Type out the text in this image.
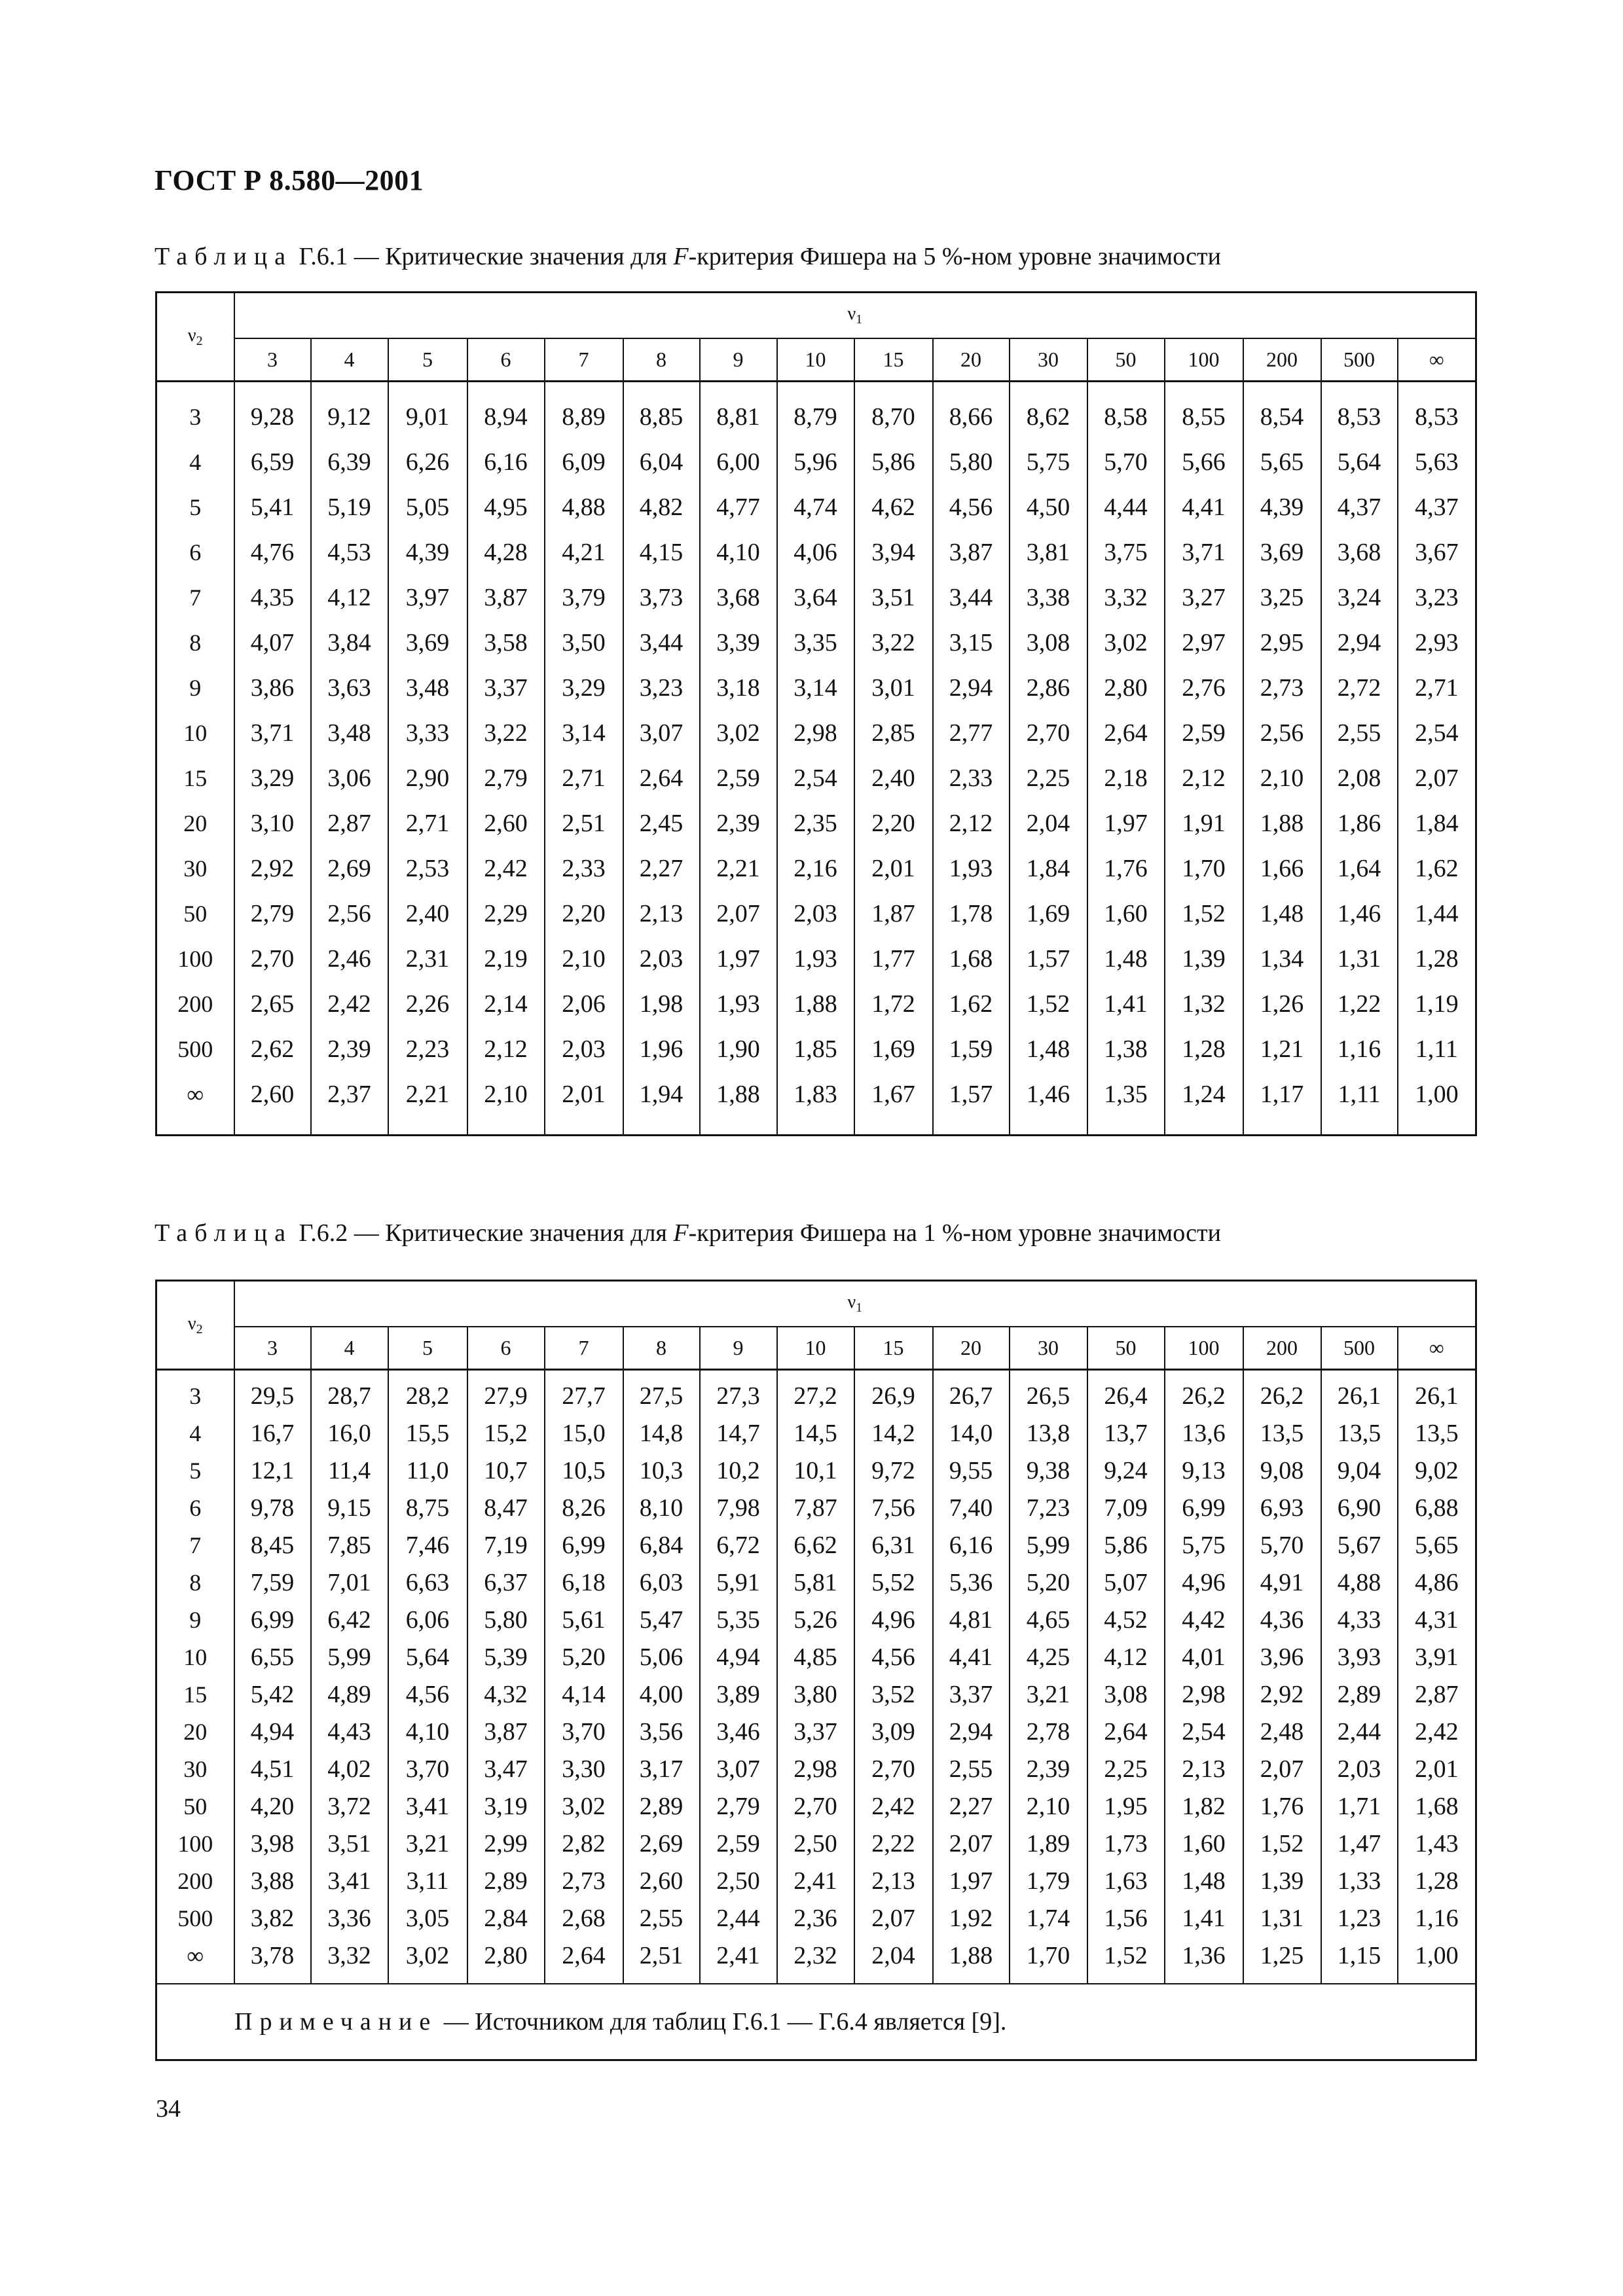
ГОСТ Р 8.580—2001
Таблица Г.6.1 — Критические значения для F-критерия Фишера на 5 %-ном уровне значимости
$\nu_2$	$\nu_1$
	3	4	5	6	7	8	9	10	15	20	30	50	100	200	500	∞

3	9,28	9,12	9,01	8,94	8,89	8,85	8,81	8,79	8,70	8,66	8,62	8,58	8,55	8,54	8,53	8,53
4	6,59	6,39	6,26	6,16	6,09	6,04	6,00	5,96	5,86	5,80	5,75	5,70	5,66	5,65	5,64	5,63
5	5,41	5,19	5,05	4,95	4,88	4,82	4,77	4,74	4,62	4,56	4,50	4,44	4,41	4,39	4,37	4,37
6	4,76	4,53	4,39	4,28	4,21	4,15	4,10	4,06	3,94	3,87	3,81	3,75	3,71	3,69	3,68	3,67
7	4,35	4,12	3,97	3,87	3,79	3,73	3,68	3,64	3,51	3,44	3,38	3,32	3,27	3,25	3,24	3,23
8	4,07	3,84	3,69	3,58	3,50	3,44	3,39	3,35	3,22	3,15	3,08	3,02	2,97	2,95	2,94	2,93
9	3,86	3,63	3,48	3,37	3,29	3,23	3,18	3,14	3,01	2,94	2,86	2,80	2,76	2,73	2,72	2,71
10	3,71	3,48	3,33	3,22	3,14	3,07	3,02	2,98	2,85	2,77	2,70	2,64	2,59	2,56	2,55	2,54
15	3,29	3,06	2,90	2,79	2,71	2,64	2,59	2,54	2,40	2,33	2,25	2,18	2,12	2,10	2,08	2,07
20	3,10	2,87	2,71	2,60	2,51	2,45	2,39	2,35	2,20	2,12	2,04	1,97	1,91	1,88	1,86	1,84
30	2,92	2,69	2,53	2,42	2,33	2,27	2,21	2,16	2,01	1,93	1,84	1,76	1,70	1,66	1,64	1,62
50	2,79	2,56	2,40	2,29	2,20	2,13	2,07	2,03	1,87	1,78	1,69	1,60	1,52	1,48	1,46	1,44
100	2,70	2,46	2,31	2,19	2,10	2,03	1,97	1,93	1,77	1,68	1,57	1,48	1,39	1,34	1,31	1,28
200	2,65	2,42	2,26	2,14	2,06	1,98	1,93	1,88	1,72	1,62	1,52	1,41	1,32	1,26	1,22	1,19
500	2,62	2,39	2,23	2,12	2,03	1,96	1,90	1,85	1,69	1,59	1,48	1,38	1,28	1,21	1,16	1,11
∞	2,60	2,37	2,21	2,10	2,01	1,94	1,88	1,83	1,67	1,57	1,46	1,35	1,24	1,17	1,11	1,00

Таблица Г.6.2 — Критические значения для F-критерия Фишера на 1 %-ном уровне значимости
$\nu_2$	$\nu_1$
	3	4	5	6	7	8	9	10	15	20	30	50	100	200	500	∞

3	29,5	28,7	28,2	27,9	27,7	27,5	27,3	27,2	26,9	26,7	26,5	26,4	26,2	26,2	26,1	26,1
4	16,7	16,0	15,5	15,2	15,0	14,8	14,7	14,5	14,2	14,0	13,8	13,7	13,6	13,5	13,5	13,5
5	12,1	11,4	11,0	10,7	10,5	10,3	10,2	10,1	9,72	9,55	9,38	9,24	9,13	9,08	9,04	9,02
6	9,78	9,15	8,75	8,47	8,26	8,10	7,98	7,87	7,56	7,40	7,23	7,09	6,99	6,93	6,90	6,88
7	8,45	7,85	7,46	7,19	6,99	6,84	6,72	6,62	6,31	6,16	5,99	5,86	5,75	5,70	5,67	5,65
8	7,59	7,01	6,63	6,37	6,18	6,03	5,91	5,81	5,52	5,36	5,20	5,07	4,96	4,91	4,88	4,86
9	6,99	6,42	6,06	5,80	5,61	5,47	5,35	5,26	4,96	4,81	4,65	4,52	4,42	4,36	4,33	4,31
10	6,55	5,99	5,64	5,39	5,20	5,06	4,94	4,85	4,56	4,41	4,25	4,12	4,01	3,96	3,93	3,91
15	5,42	4,89	4,56	4,32	4,14	4,00	3,89	3,80	3,52	3,37	3,21	3,08	2,98	2,92	2,89	2,87
20	4,94	4,43	4,10	3,87	3,70	3,56	3,46	3,37	3,09	2,94	2,78	2,64	2,54	2,48	2,44	2,42
30	4,51	4,02	3,70	3,47	3,30	3,17	3,07	2,98	2,70	2,55	2,39	2,25	2,13	2,07	2,03	2,01
50	4,20	3,72	3,41	3,19	3,02	2,89	2,79	2,70	2,42	2,27	2,10	1,95	1,82	1,76	1,71	1,68
100	3,98	3,51	3,21	2,99	2,82	2,69	2,59	2,50	2,22	2,07	1,89	1,73	1,60	1,52	1,47	1,43
200	3,88	3,41	3,11	2,89	2,73	2,60	2,50	2,41	2,13	1,97	1,79	1,63	1,48	1,39	1,33	1,28
500	3,82	3,36	3,05	2,84	2,68	2,55	2,44	2,36	2,07	1,92	1,74	1,56	1,41	1,31	1,23	1,16
∞	3,78	3,32	3,02	2,80	2,64	2,51	2,41	2,32	2,04	1,88	1,70	1,52	1,36	1,25	1,15	1,00

Примечание — Источником для таблиц Г.6.1 — Г.6.4 является [9].																
34
